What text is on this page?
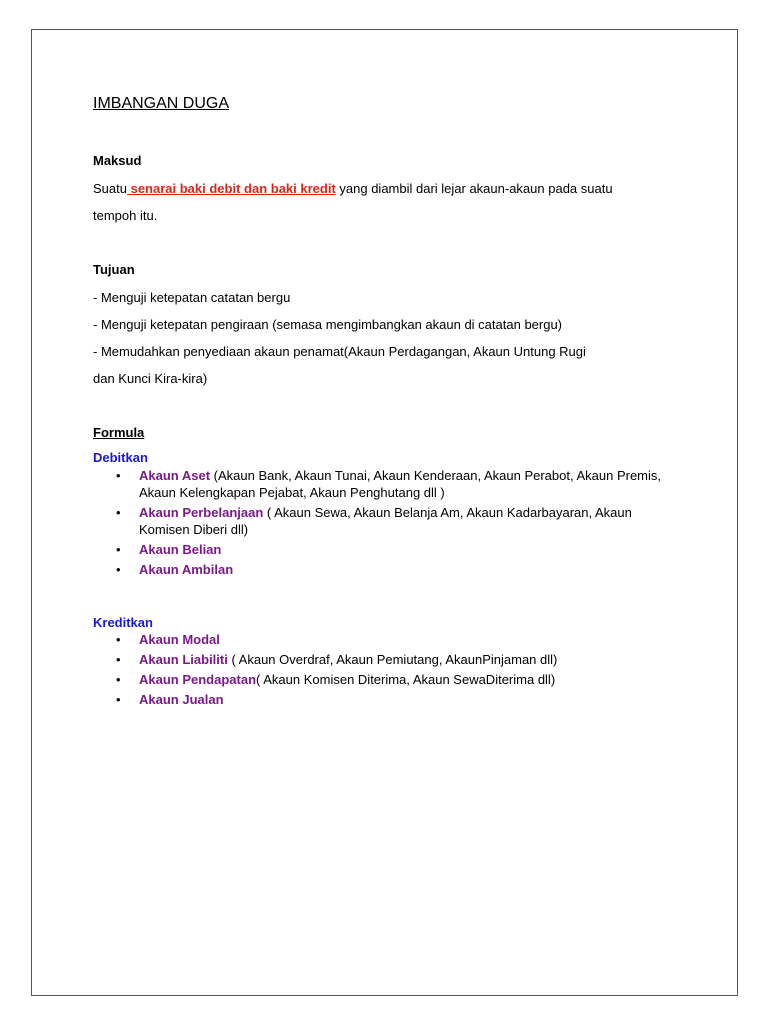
IMBANGAN DUGA
Maksud
Suatu senarai baki debit dan baki kredit yang diambil dari lejar akaun-akaun pada suatu
tempoh itu.
Tujuan
- Menguji ketepatan catatan bergu
- Menguji ketepatan pengiraan (semasa mengimbangkan akaun di catatan bergu)
- Memudahkan penyediaan akaun penamat(Akaun Perdagangan, Akaun Untung Rugi
dan Kunci Kira-kira)
Formula
Debitkan
• Akaun Aset (Akaun Bank, Akaun Tunai, Akaun Kenderaan, Akaun Perabot, Akaun Premis, Akaun Kelengkapan Pejabat, Akaun Penghutang dll )
• Akaun Perbelanjaan ( Akaun Sewa, Akaun Belanja Am, Akaun Kadarbayaran, Akaun Komisen Diberi dll)
• Akaun Belian
• Akaun Ambilan
Kreditkan
• Akaun Modal
• Akaun Liabiliti ( Akaun Overdraf, Akaun Pemiutang, AkaunPinjaman dll)
• Akaun Pendapatan( Akaun Komisen Diterima, Akaun SewaDiterima dll)
• Akaun Jualan
